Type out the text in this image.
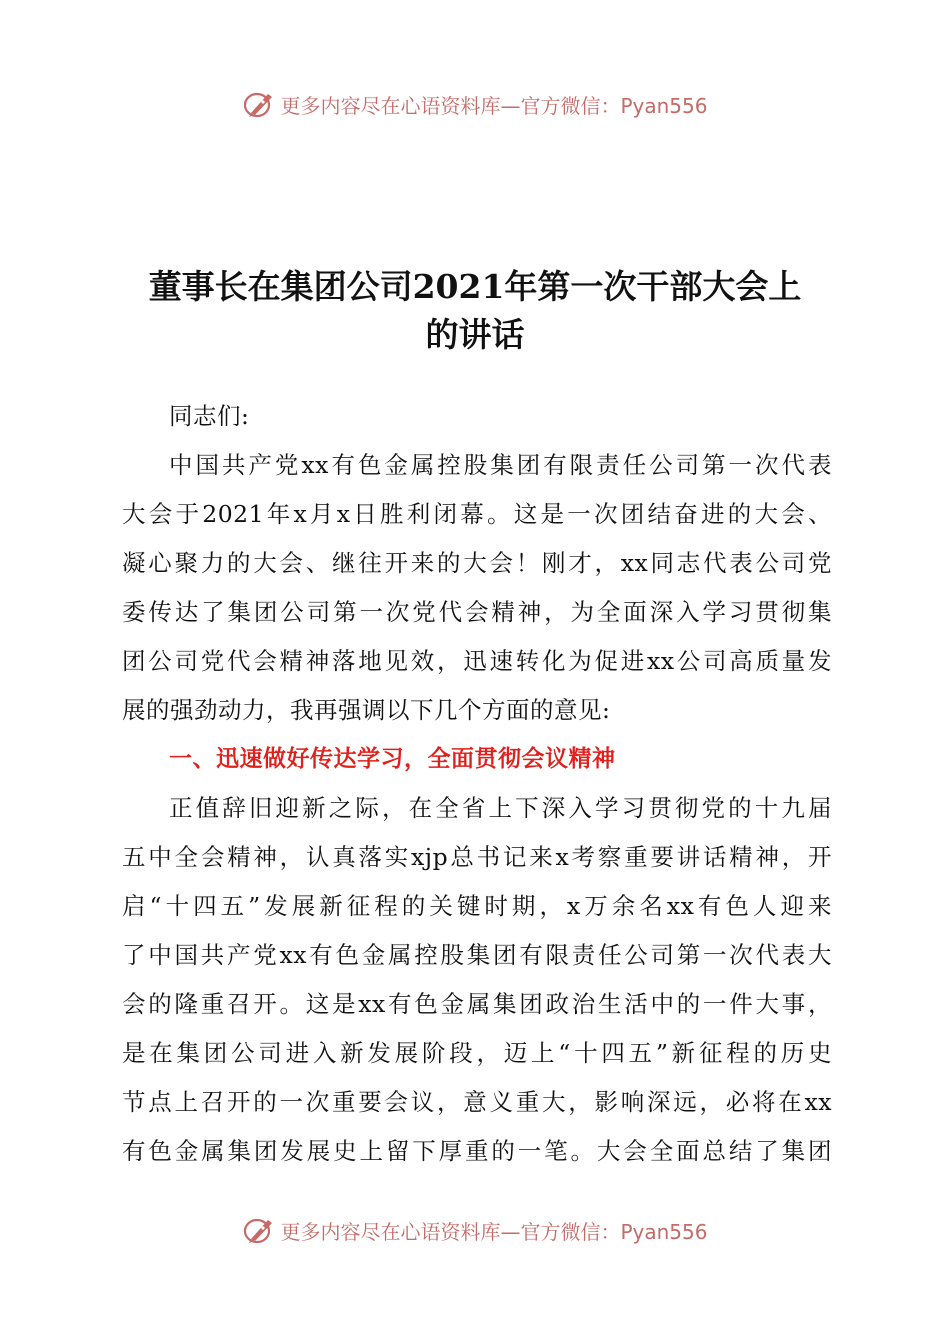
更多内容尽在心语资料库—官方微信：Pyan556
董事长在集团公司2021年第一次干部大会上
的讲话
同志们:
中国共产党xx有色金属控股集团有限责任公司第一次代表
大会于2021年x月x日胜利闭幕。这是一次团结奋进的大会、
凝心聚力的大会、继往开来的大会！刚才，xx同志代表公司党
委传达了集团公司第一次党代会精神，为全面深入学习贯彻集
团公司党代会精神落地见效，迅速转化为促进xx公司高质量发
展的强劲动力，我再强调以下几个方面的意见:
一、迅速做好传达学习，全面贯彻会议精神
正值辞旧迎新之际，在全省上下深入学习贯彻党的十九届
五中全会精神，认真落实xjp总书记来x考察重要讲话精神，开
启“十四五”发展新征程的关键时期，x万余名xx有色人迎来
了中国共产党xx有色金属控股集团有限责任公司第一次代表大
会的隆重召开。这是xx有色金属集团政治生活中的一件大事，
是在集团公司进入新发展阶段，迈上“十四五”新征程的历史
节点上召开的一次重要会议，意义重大，影响深远，必将在xx
有色金属集团发展史上留下厚重的一笔。大会全面总结了集团
更多内容尽在心语资料库—官方微信：Pyan556
